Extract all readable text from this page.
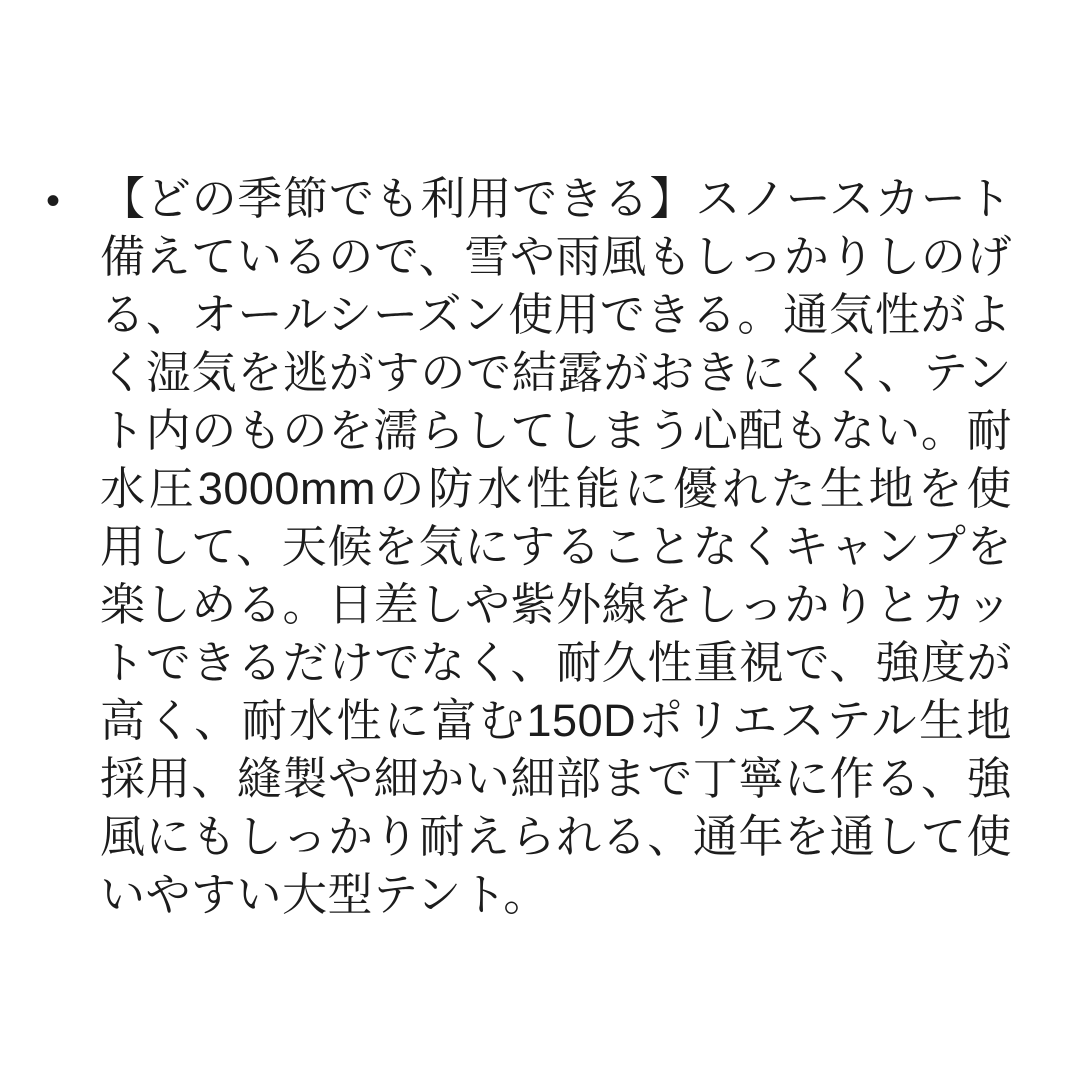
• 【どの季節でも利用できる】スノースカート
備えているので、雪や雨風もしっかりしのげ
る、オールシーズン使用できる。通気性がよ
く湿気を逃がすので結露がおきにくく、テン
ト内のものを濡らしてしまう心配もない。耐
水圧3000mmの防水性能に優れた生地を使
用して、天候を気にすることなくキャンプを
楽しめる。日差しや紫外線をしっかりとカッ
トできるだけでなく、耐久性重視で、強度が
高く、耐水性に富む150Dポリエステル生地
採用、縫製や細かい細部まで丁寧に作る、強
風にもしっかり耐えられる、通年を通して使
いやすい大型テント。
